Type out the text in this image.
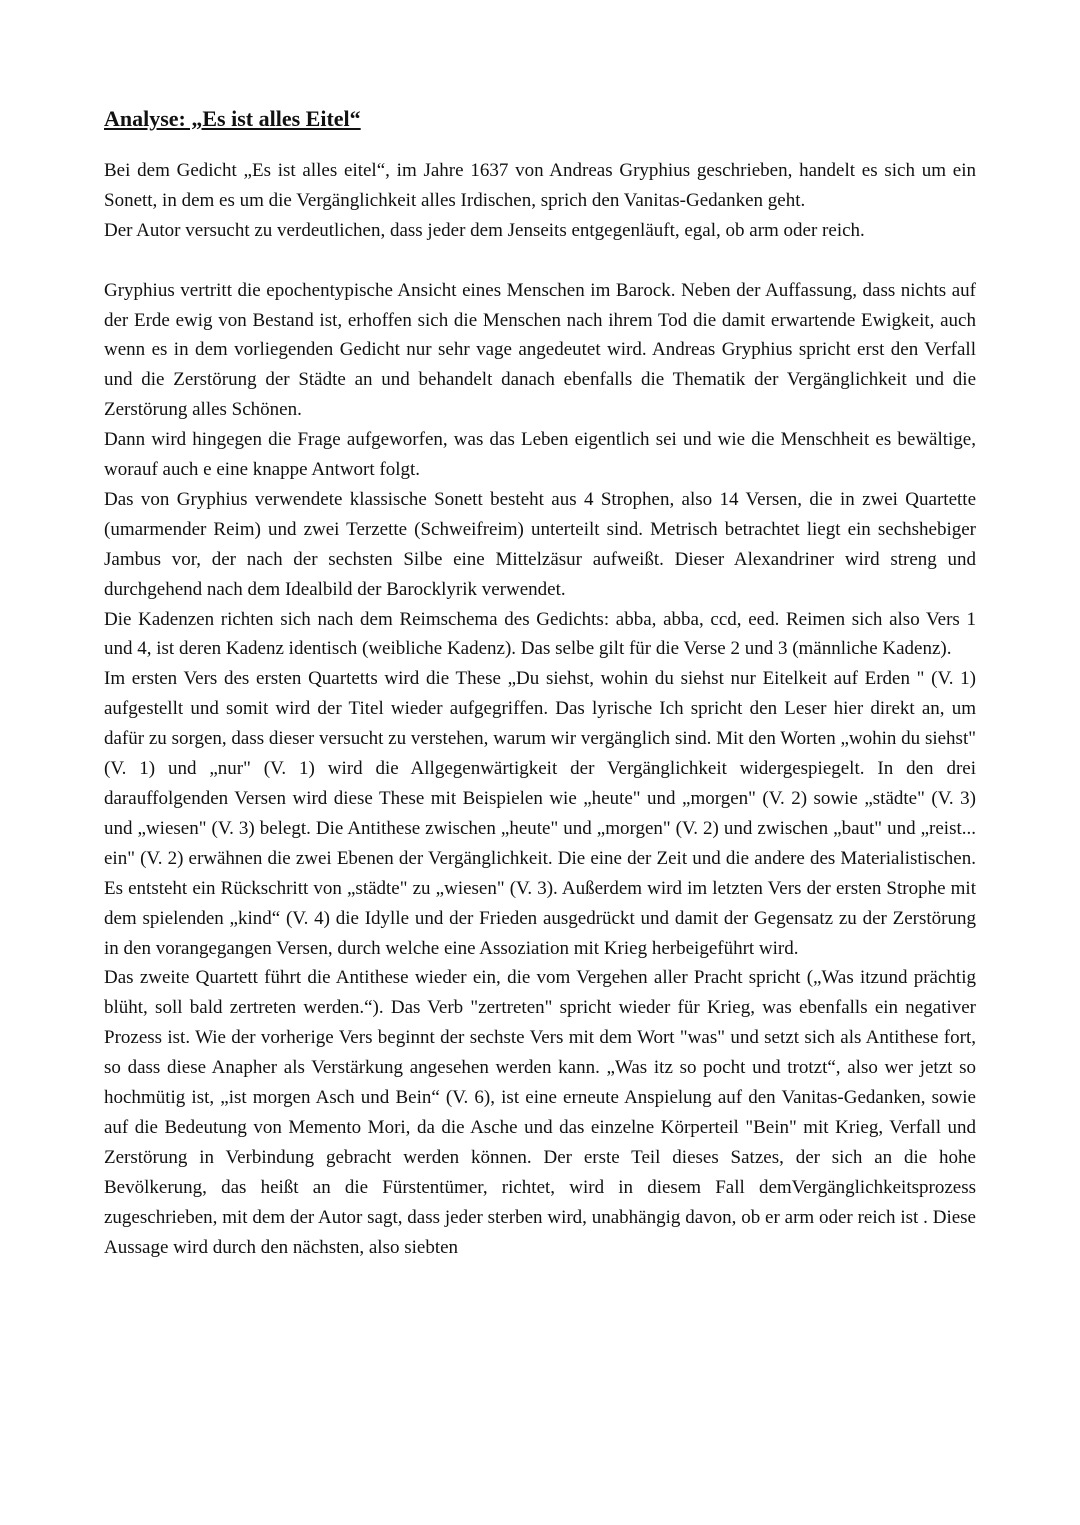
Analyse: „Es ist alles Eitel“

Bei dem Gedicht „Es ist alles eitel“, im Jahre 1637 von Andreas Gryphius geschrieben, handelt es sich um ein Sonett, in dem es um die Vergänglichkeit alles Irdischen, sprich den Vanitas-Gedanken geht.

Der Autor versucht zu verdeutlichen, dass jeder dem Jenseits entgegenläuft, egal, ob arm oder reich.

Gryphius vertritt die epochentypische Ansicht eines Menschen im Barock. Neben der Auffassung, dass nichts auf der Erde ewig von Bestand ist, erhoffen sich die Menschen nach ihrem Tod die damit erwartende Ewigkeit, auch wenn es in dem vorliegenden Gedicht nur sehr vage angedeutet wird. Andreas Gryphius spricht erst den Verfall und die Zerstörung der Städte an und behandelt danach ebenfalls die Thematik der Vergänglichkeit und die Zerstörung alles Schönen.

Dann wird hingegen die Frage aufgeworfen, was das Leben eigentlich sei und wie die Menschheit es bewältige, worauf auch e eine knappe Antwort folgt.

Das von Gryphius verwendete klassische Sonett besteht aus 4 Strophen, also 14 Versen, die in zwei Quartette (umarmender Reim) und zwei Terzette (Schweifreim) unterteilt sind. Metrisch betrachtet liegt ein sechshebiger Jambus vor, der nach der sechsten Silbe eine Mittelzäsur aufweißt. Dieser Alexandriner wird streng und durchgehend nach dem Idealbild der Barocklyrik verwendet.

Die Kadenzen richten sich nach dem Reimschema des Gedichts: abba, abba, ccd, eed. Reimen sich also Vers 1 und 4, ist deren Kadenz identisch (weibliche Kadenz). Das selbe gilt für die Verse 2 und 3 (männliche Kadenz).

Im ersten Vers des ersten Quartetts wird die These „Du siehst, wohin du siehst nur Eitelkeit auf Erden " (V. 1) aufgestellt und somit wird der Titel wieder aufgegriffen. Das lyrische Ich spricht den Leser hier direkt an, um dafür zu sorgen, dass dieser versucht zu verstehen, warum wir vergänglich sind. Mit den Worten „wohin du siehst" (V. 1) und „nur" (V. 1) wird die Allgegenwärtigkeit der Vergänglichkeit widergespiegelt. In den drei darauffolgenden Versen wird diese These mit Beispielen wie „heute" und „morgen" (V. 2) sowie „städte" (V. 3) und „wiesen" (V. 3) belegt. Die Antithese zwischen „heute" und „morgen" (V. 2) und zwischen „baut" und „reist... ein" (V. 2) erwähnen die zwei Ebenen der Vergänglichkeit. Die eine der Zeit und die andere des Materialistischen. Es entsteht ein Rückschritt von „städte" zu „wiesen" (V. 3). Außerdem wird im letzten Vers der ersten Strophe mit dem spielenden „kind“ (V. 4) die Idylle und der Frieden ausgedrückt und damit der Gegensatz zu der Zerstörung in den vorangegangen Versen, durch welche eine Assoziation mit Krieg herbeigeführt wird.

Das zweite Quartett führt die Antithese wieder ein, die vom Vergehen aller Pracht spricht („Was itzund prächtig blüht, soll bald zertreten werden.“). Das Verb "zertreten" spricht wieder für Krieg, was ebenfalls ein negativer Prozess ist. Wie der vorherige Vers beginnt der sechste Vers mit dem Wort "was" und setzt sich als Antithese fort, so dass diese Anapher als Verstärkung angesehen werden kann. „Was itz so pocht und trotzt“, also wer jetzt so hochmütig ist, „ist morgen Asch und Bein“ (V. 6), ist eine erneute Anspielung auf den Vanitas-Gedanken, sowie auf die Bedeutung von Memento Mori, da die Asche und das einzelne Körperteil "Bein" mit Krieg, Verfall und Zerstörung in Verbindung gebracht werden können. Der erste Teil dieses Satzes, der sich an die hohe Bevölkerung, das heißt an die Fürstentümer, richtet, wird in diesem Fall demVergänglichkeitsprozess zugeschrieben, mit dem der Autor sagt, dass jeder sterben wird, unabhängig davon, ob er arm oder reich ist . Diese Aussage wird durch den nächsten, also siebten
